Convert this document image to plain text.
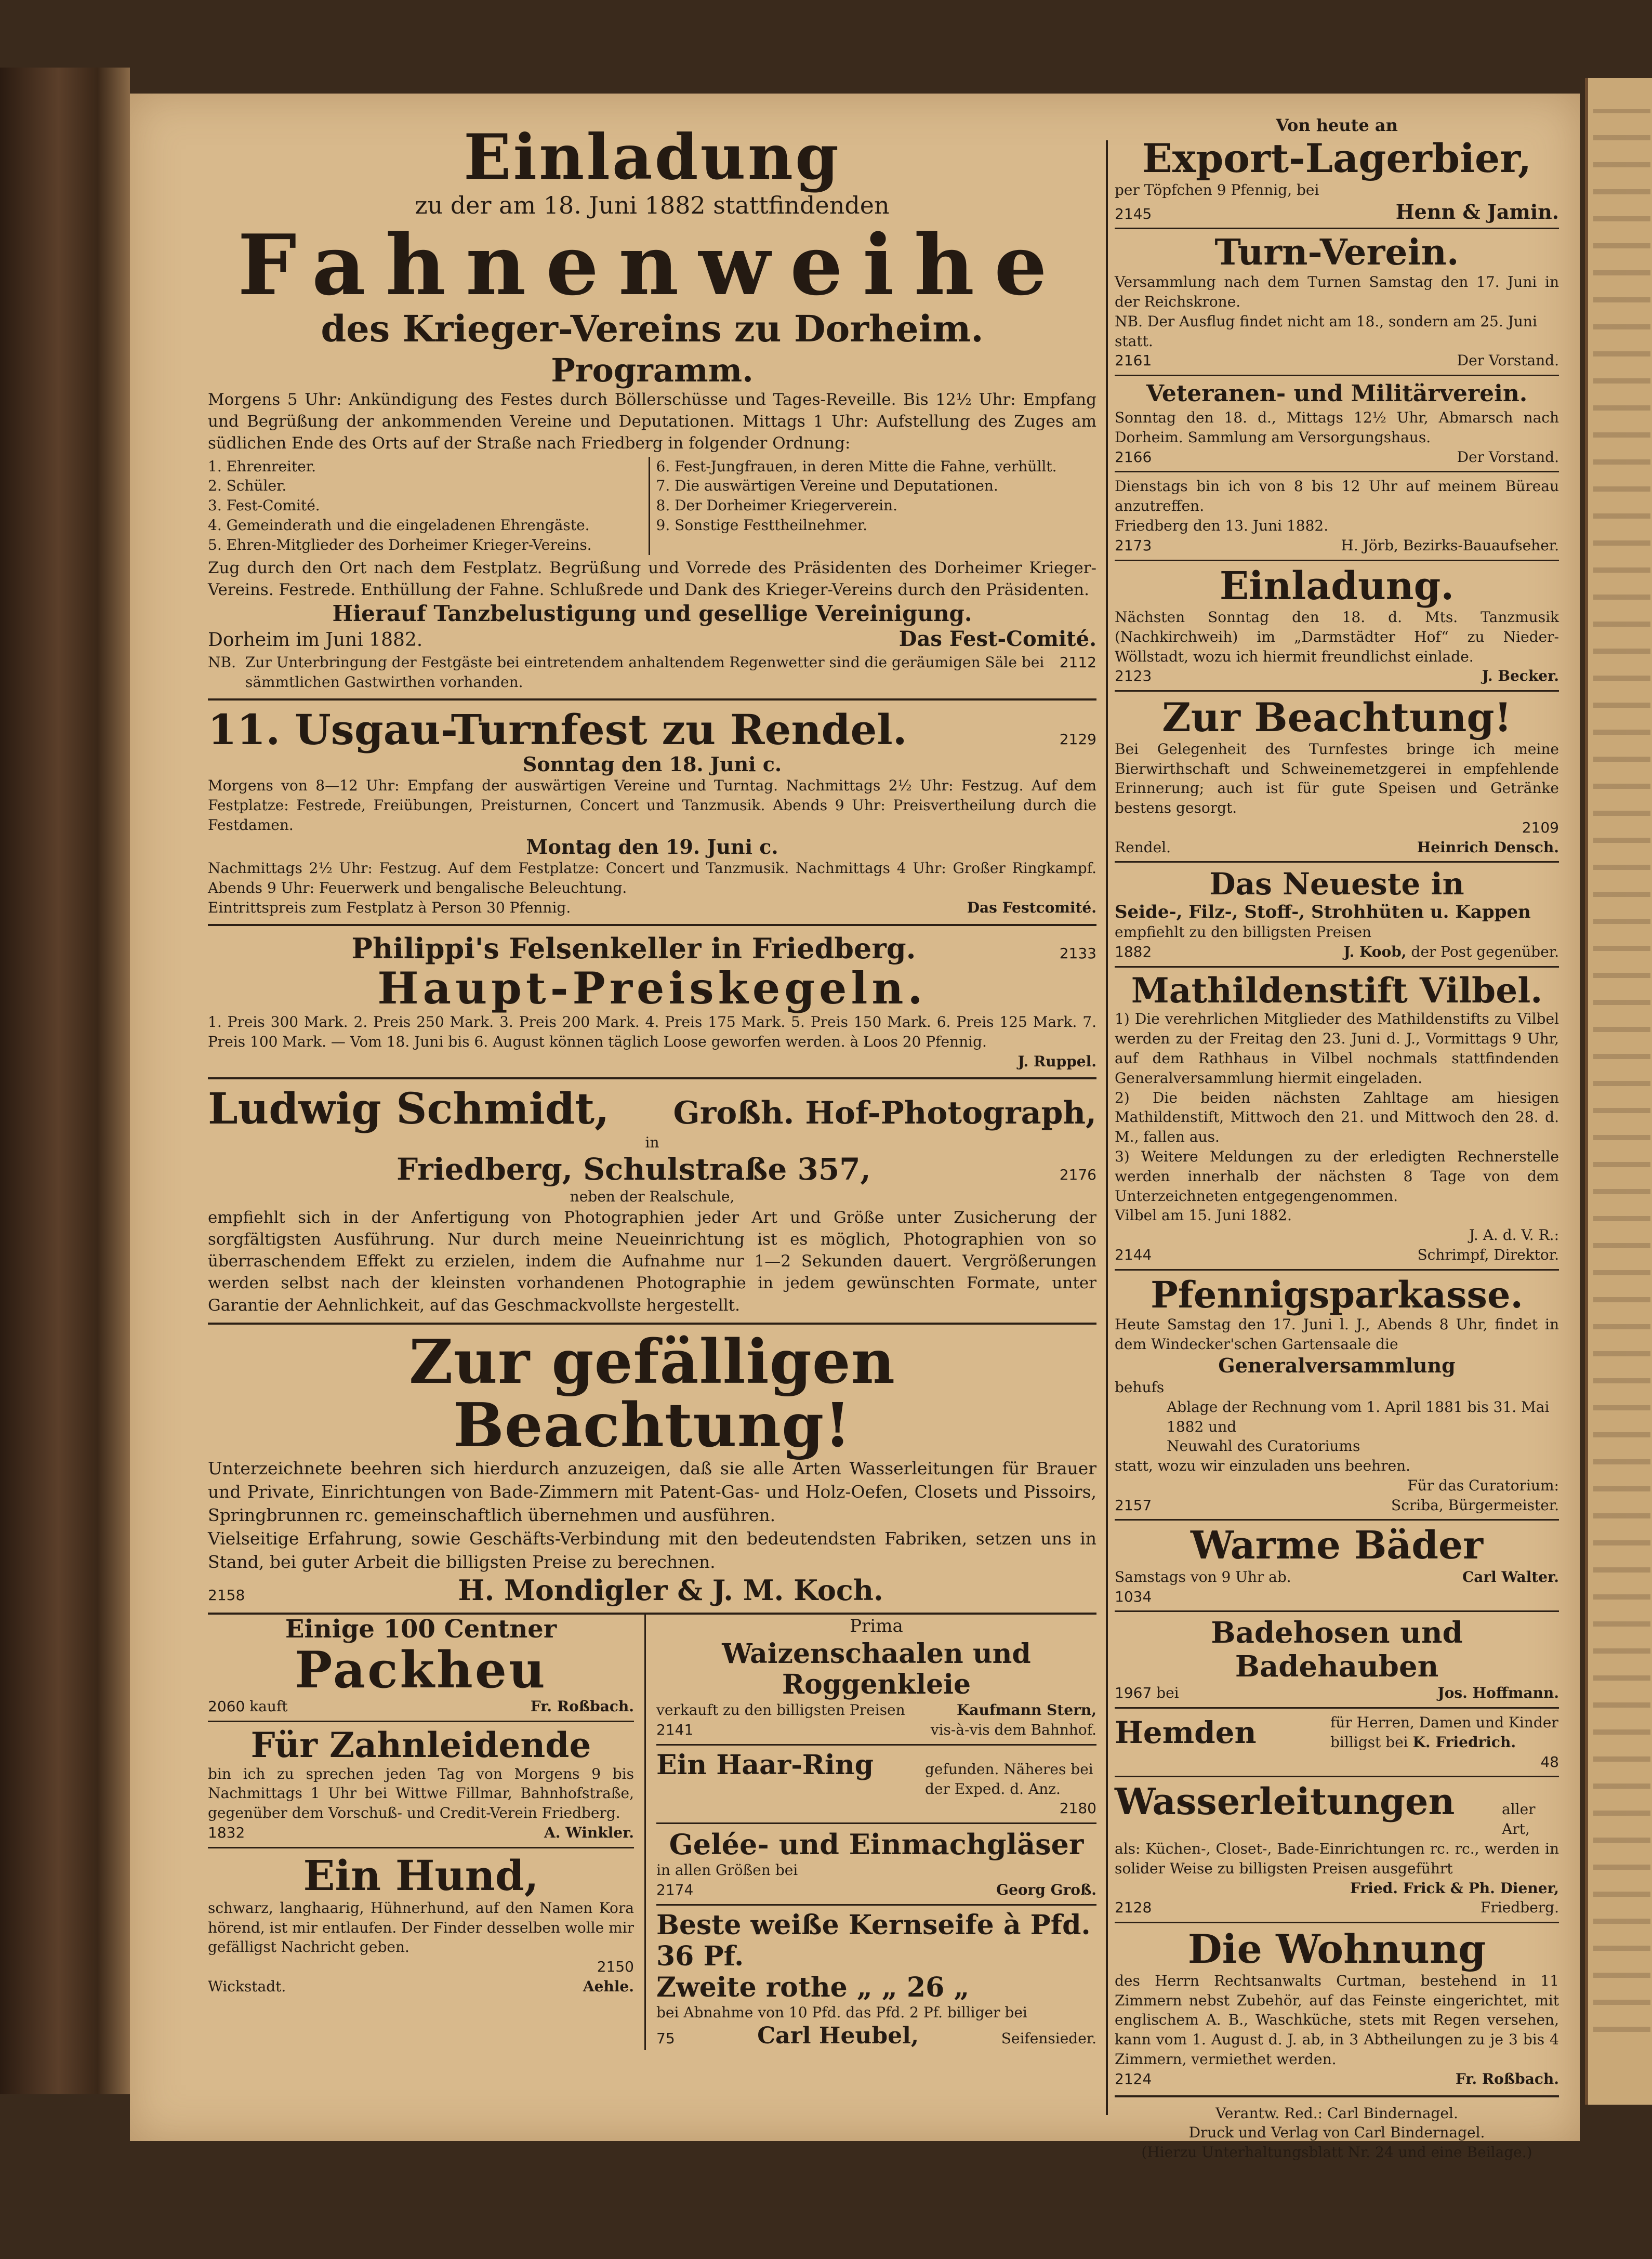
Einladung
zu der am 18. Juni 1882 stattfindenden
Fahnenweihe
des Krieger-Vereins zu Dorheim.
Programm.

Morgens 5 Uhr: Ankündigung des Festes durch Böllerschüsse und Tages-Reveille. Bis 12½ Uhr: Empfang und Begrüßung der ankommenden Vereine und Deputationen. Mittags 1 Uhr: Aufstellung des Zuges am südlichen Ende des Orts auf der Straße nach Friedberg in folgender Ordnung:

1. Ehrenreiter.
2. Schüler.
3. Fest-Comité.
4. Gemeinderath und die eingeladenen Ehrengäste.
5. Ehren-Mitglieder des Dorheimer Krieger-Vereins.
6. Fest-Jungfrauen, in deren Mitte die Fahne, verhüllt.
7. Die auswärtigen Vereine und Deputationen.
8. Der Dorheimer Kriegerverein.
9. Sonstige Festtheilnehmer.

Zug durch den Ort nach dem Festplatz. Begrüßung und Vorrede des Präsidenten des Dorheimer Krieger-Vereins. Festrede. Enthüllung der Fahne. Schlußrede und Dank des Krieger-Vereins durch den Präsidenten.

Hierauf Tanzbelustigung und gesellige Vereinigung.
Dorheim im Juni 1882.	Das Fest-Comité.
NB. Zur Unterbringung der Festgäste bei eintretendem anhaltendem Regenwetter sind die geräumigen Säle bei sämmtlichen Gastwirthen vorhanden.
2112
11. Usgau-Turnfest zu Rendel.	2129
Sonntag den 18. Juni c.

Morgens von 8—12 Uhr: Empfang der auswärtigen Vereine und Turntag. Nachmittags 2½ Uhr: Festzug. Auf dem Festplatze: Festrede, Freiübungen, Preisturnen, Concert und Tanzmusik. Abends 9 Uhr: Preisvertheilung durch die Festdamen.

Montag den 19. Juni c.

Nachmittags 2½ Uhr: Festzug. Auf dem Festplatze: Concert und Tanzmusik. Nachmittags 4 Uhr: Großer Ringkampf. Abends 9 Uhr: Feuerwerk und bengalische Beleuchtung.

Eintrittspreis zum Festplatz à Person 30 Pfennig.	Das Festcomité.
Philippi's Felsenkeller in Friedberg.	2133
Haupt-Preiskegeln.

1. Preis 300 Mark. 2. Preis 250 Mark. 3. Preis 200 Mark. 4. Preis 175 Mark. 5. Preis 150 Mark. 6. Preis 125 Mark. 7. Preis 100 Mark. — Vom 18. Juni bis 6. August können täglich Loose geworfen werden. à Loos 20 Pfennig.

J. Ruppel.
Ludwig Schmidt, Großh. Hof-Photograph,
in
Friedberg, Schulstraße 357,	2176
neben der Realschule,

empfiehlt sich in der Anfertigung von Photographien jeder Art und Größe unter Zusicherung der sorgfältigsten Ausführung. Nur durch meine Neueinrichtung ist es möglich, Photographien von so überraschendem Effekt zu erzielen, indem die Aufnahme nur 1—2 Sekunden dauert. Vergrößerungen werden selbst nach der kleinsten vorhandenen Photographie in jedem gewünschten Formate, unter Garantie der Aehnlichkeit, auf das Geschmackvollste hergestellt.

Zur gefälligen Beachtung!

Unterzeichnete beehren sich hierdurch anzuzeigen, daß sie alle Arten Wasserleitungen für Brauer und Private, Einrichtungen von Bade-Zimmern mit Patent-Gas- und Holz-Oefen, Closets und Pissoirs, Springbrunnen rc. gemeinschaftlich übernehmen und ausführen.

Vielseitige Erfahrung, sowie Geschäfts-Verbindung mit den bedeutendsten Fabriken, setzen uns in Stand, bei guter Arbeit die billigsten Preise zu berechnen.

2158	H. Mondigler & J. M. Koch.
Einige 100 Centner
Packheu
2060 kauft	Fr. Roßbach.
Für Zahnleidende

bin ich zu sprechen jeden Tag von Morgens 9 bis Nachmittags 1 Uhr bei Wittwe Fillmar, Bahnhofstraße, gegenüber dem Vorschuß- und Credit-Verein Friedberg.

1832	A. Winkler.
Ein Hund,

schwarz, langhaarig, Hühnerhund, auf den Namen Kora hörend, ist mir entlaufen. Der Finder desselben wolle mir gefälligst Nachricht geben.

2150
Wickstadt.	Aehle.
Prima
Waizenschaalen und Roggenkleie
verkauft zu den billigsten Preisen	Kaufmann Stern,
2141	vis-à-vis dem Bahnhof.
Ein Haar-Ring	gefunden. Näheres bei der Exped. d. Anz.
2180
Gelée- und Einmachgläser
in allen Größen bei
2174	Georg Groß.
Beste weiße Kernseife à Pfd. 36 Pf.
Zweite rothe „ „ 26 „
bei Abnahme von 10 Pfd. das Pfd. 2 Pf. billiger bei
75	Carl Heubel,	Seifensieder.
Von heute an
Export-Lagerbier,
per Töpfchen 9 Pfennig, bei
2145	Henn & Jamin.
Turn-Verein.

Versammlung nach dem Turnen Samstag den 17. Juni in der Reichskrone.

NB. Der Ausflug findet nicht am 18., sondern am 25. Juni statt.

2161	Der Vorstand.
Veteranen- und Militärverein.

Sonntag den 18. d., Mittags 12½ Uhr, Abmarsch nach Dorheim. Sammlung am Versorgungshaus.

2166	Der Vorstand.

Dienstags bin ich von 8 bis 12 Uhr auf meinem Büreau anzutreffen.

Friedberg den 13. Juni 1882.
2173	H. Jörb, Bezirks-Bauaufseher.
Einladung.

Nächsten Sonntag den 18. d. Mts. Tanzmusik (Nachkirchweih) im „Darmstädter Hof“ zu Nieder-Wöllstadt, wozu ich hiermit freundlichst einlade.

2123	J. Becker.
Zur Beachtung!

Bei Gelegenheit des Turnfestes bringe ich meine Bierwirthschaft und Schweinemetzgerei in empfehlende Erinnerung; auch ist für gute Speisen und Getränke bestens gesorgt.

2109
Rendel.	Heinrich Densch.
Das Neueste in
Seide-, Filz-, Stoff-, Strohhüten u. Kappen
empfiehlt zu den billigsten Preisen
1882	J. Koob, der Post gegenüber.
Mathildenstift Vilbel.

1) Die verehrlichen Mitglieder des Mathildenstifts zu Vilbel werden zu der Freitag den 23. Juni d. J., Vormittags 9 Uhr, auf dem Rathhaus in Vilbel nochmals stattfindenden Generalversammlung hiermit eingeladen.

2) Die beiden nächsten Zahltage am hiesigen Mathildenstift, Mittwoch den 21. und Mittwoch den 28. d. M., fallen aus.

3) Weitere Meldungen zu der erledigten Rechnerstelle werden innerhalb der nächsten 8 Tage von dem Unterzeichneten entgegengenommen.

Vilbel am 15. Juni 1882.
J. A. d. V. R.:
2144	Schrimpf, Direktor.
Pfennigsparkasse.

Heute Samstag den 17. Juni l. J., Abends 8 Uhr, findet in dem Windecker'schen Gartensaale die

Generalversammlung
behufs
Ablage der Rechnung vom 1. April 1881 bis 31. Mai 1882 und
Neuwahl des Curatoriums
statt, wozu wir einzuladen uns beehren.
Für das Curatorium:
2157	Scriba, Bürgermeister.
Warme Bäder
Samstags von 9 Uhr ab.	Carl Walter.
1034
Badehosen und Badehauben
1967 bei	Jos. Hoffmann.
Hemden	für Herren, Damen und Kinder billigst bei K. Friedrich.
48
Wasserleitungen	aller Art,

als: Küchen-, Closet-, Bade-Einrichtungen rc. rc., werden in solider Weise zu billigsten Preisen ausgeführt

Fried. Frick & Ph. Diener,
2128	Friedberg.
Die Wohnung

des Herrn Rechtsanwalts Curtman, bestehend in 11 Zimmern nebst Zubehör, auf das Feinste eingerichtet, mit englischem A. B., Waschküche, stets mit Regen versehen, kann vom 1. August d. J. ab, in 3 Abtheilungen zu je 3 bis 4 Zimmern, vermiethet werden.

2124	Fr. Roßbach.
Verantw. Red.: Carl Bindernagel.
Druck und Verlag von Carl Bindernagel.
(Hierzu Unterhaltungsblatt Nr. 24 und eine Beilage.)
